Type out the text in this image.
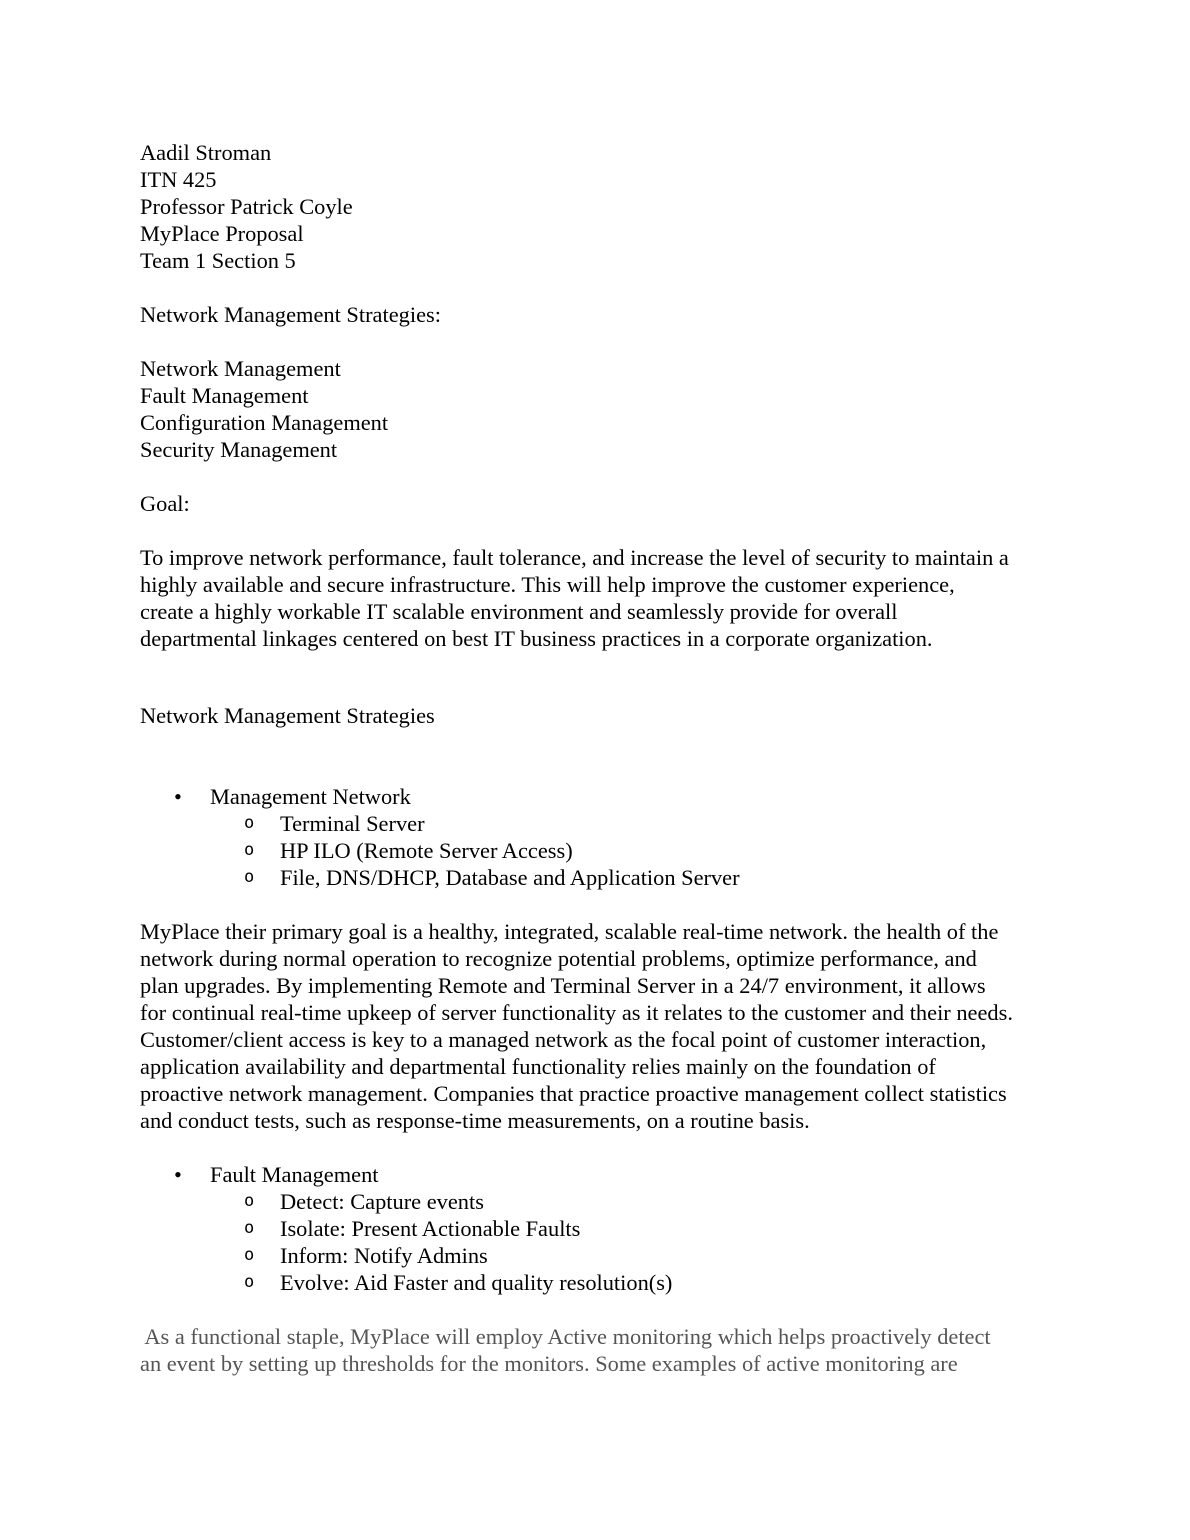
Aadil Stroman
ITN 425
Professor Patrick Coyle
MyPlace Proposal
Team 1 Section 5
Network Management Strategies:
Network Management
Fault Management
Configuration Management
Security Management
Goal:
To improve network performance, fault tolerance, and increase the level of security to maintain a
highly available and secure infrastructure. This will help improve the customer experience,
create a highly workable IT scalable environment and seamlessly provide for overall
departmental linkages centered on best IT business practices in a corporate organization.
Network Management Strategies
• Management Network
o Terminal Server
o HP ILO (Remote Server Access)
o File, DNS/DHCP, Database and Application Server
MyPlace their primary goal is a healthy, integrated, scalable real-time network. the health of the
network during normal operation to recognize potential problems, optimize performance, and
plan upgrades. By implementing Remote and Terminal Server in a 24/7 environment, it allows
for continual real-time upkeep of server functionality as it relates to the customer and their needs.
Customer/client access is key to a managed network as the focal point of customer interaction,
application availability and departmental functionality relies mainly on the foundation of
proactive network management. Companies that practice proactive management collect statistics
and conduct tests, such as response-time measurements, on a routine basis.
• Fault Management
o Detect: Capture events
o Isolate: Present Actionable Faults
o Inform: Notify Admins
o Evolve: Aid Faster and quality resolution(s)
As a functional staple, MyPlace will employ Active monitoring which helps proactively detect
an event by setting up thresholds for the monitors. Some examples of active monitoring are
